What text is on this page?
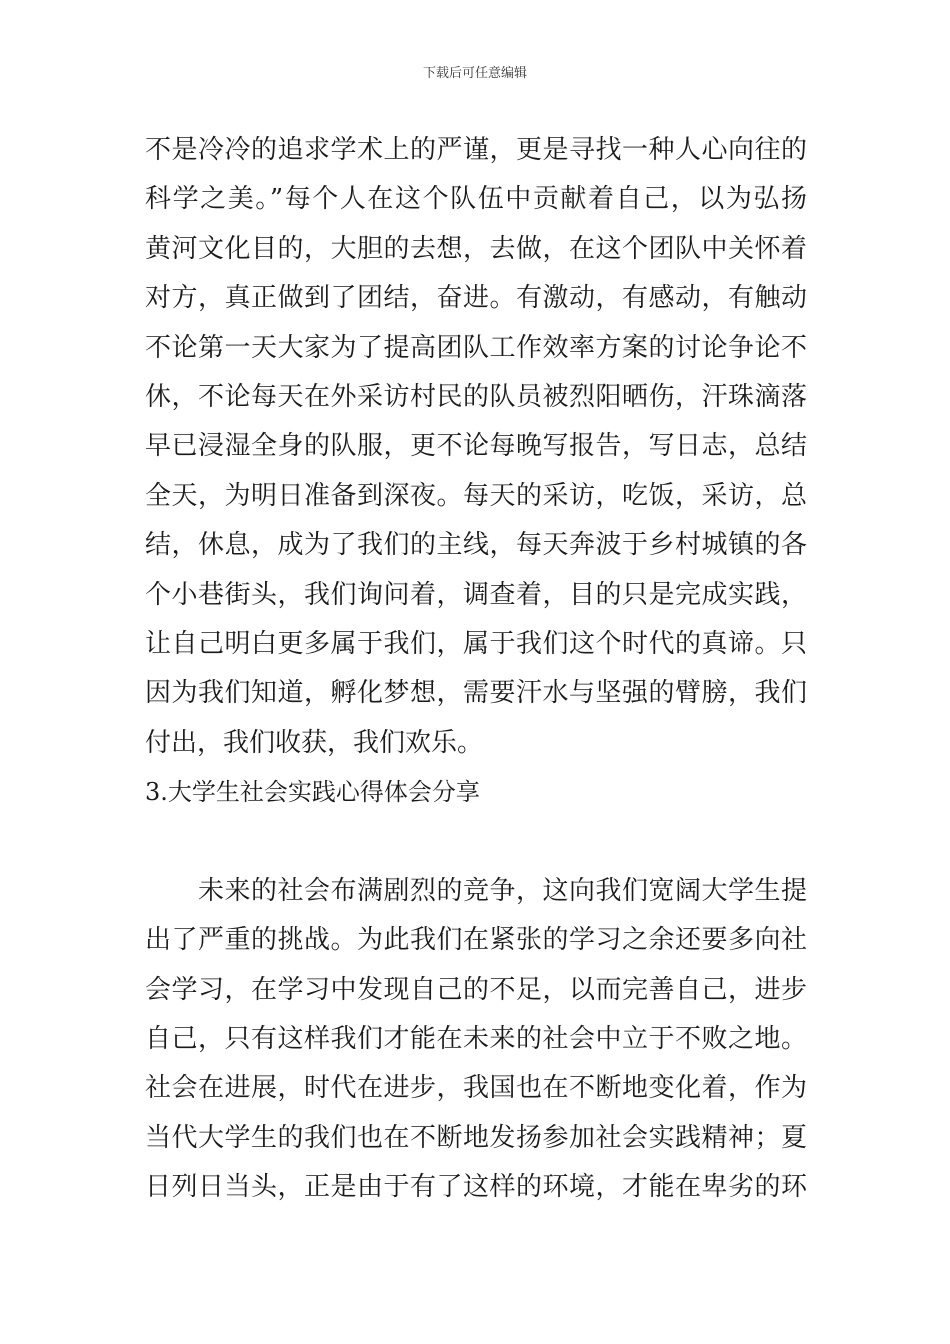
下载后可任意编辑
不是冷冷的追求学术上的严谨，更是寻找一种人心向往的
科学之美。”每个人在这个队伍中贡献着自己，以为弘扬
黄河文化目的，大胆的去想，去做，在这个团队中关怀着
对方，真正做到了团结，奋进。有激动，有感动，有触动
不论第一天大家为了提高团队工作效率方案的讨论争论不
休，不论每天在外采访村民的队员被烈阳晒伤，汗珠滴落
早已浸湿全身的队服，更不论每晚写报告，写日志，总结
全天，为明日准备到深夜。每天的采访，吃饭，采访，总
结，休息，成为了我们的主线，每天奔波于乡村城镇的各
个小巷街头，我们询问着，调查着，目的只是完成实践，
让自己明白更多属于我们，属于我们这个时代的真谛。只
因为我们知道，孵化梦想，需要汗水与坚强的臂膀，我们
付出，我们收获，我们欢乐。
3.大学生社会实践心得体会分享
　　未来的社会布满剧烈的竞争，这向我们宽阔大学生提
出了严重的挑战。为此我们在紧张的学习之余还要多向社
会学习，在学习中发现自己的不足，以而完善自己，进步
自己，只有这样我们才能在未来的社会中立于不败之地。
社会在进展，时代在进步，我国也在不断地变化着，作为
当代大学生的我们也在不断地发扬参加社会实践精神；夏
日列日当头，正是由于有了这样的环境，才能在卑劣的环
